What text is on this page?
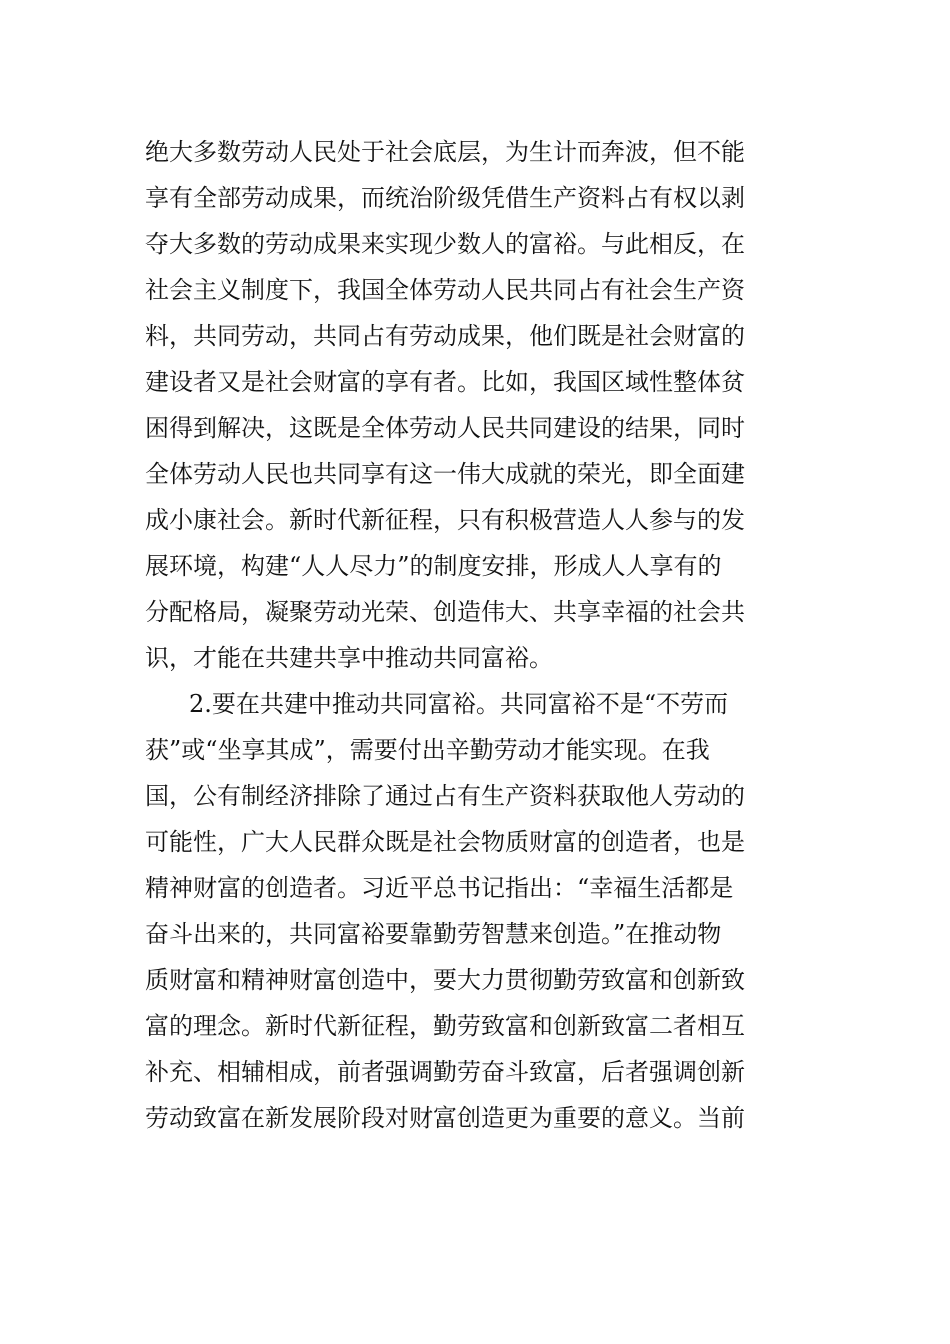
绝大多数劳动人民处于社会底层，为生计而奔波，但不能
享有全部劳动成果，而统治阶级凭借生产资料占有权以剥
夺大多数的劳动成果来实现少数人的富裕。与此相反，在
社会主义制度下，我国全体劳动人民共同占有社会生产资
料，共同劳动，共同占有劳动成果，他们既是社会财富的
建设者又是社会财富的享有者。比如，我国区域性整体贫
困得到解决，这既是全体劳动人民共同建设的结果，同时
全体劳动人民也共同享有这一伟大成就的荣光，即全面建
成小康社会。新时代新征程，只有积极营造人人参与的发
展环境，构建“人人尽力”的制度安排，形成人人享有的
分配格局，凝聚劳动光荣、创造伟大、共享幸福的社会共
识，才能在共建共享中推动共同富裕。
2.要在共建中推动共同富裕。共同富裕不是“不劳而
获”或“坐享其成”，需要付出辛勤劳动才能实现。在我
国，公有制经济排除了通过占有生产资料获取他人劳动的
可能性，广大人民群众既是社会物质财富的创造者，也是
精神财富的创造者。习近平总书记指出：“幸福生活都是
奋斗出来的，共同富裕要靠勤劳智慧来创造。”在推动物
质财富和精神财富创造中，要大力贯彻勤劳致富和创新致
富的理念。新时代新征程，勤劳致富和创新致富二者相互
补充、相辅相成，前者强调勤劳奋斗致富，后者强调创新
劳动致富在新发展阶段对财富创造更为重要的意义。当前
